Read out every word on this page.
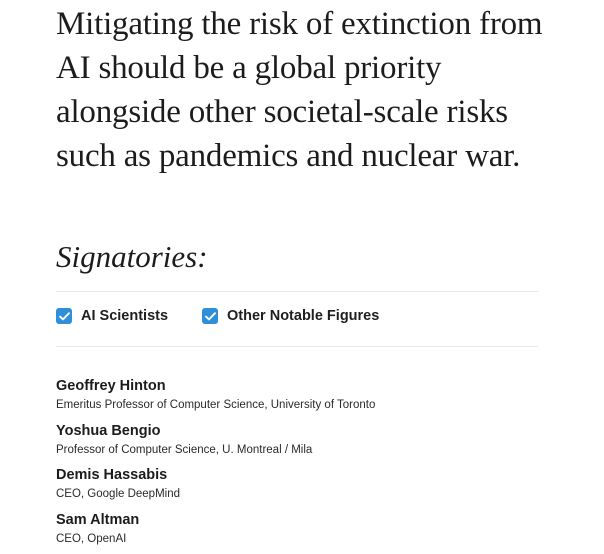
Mitigating the risk of extinction from
AI should be a global priority
alongside other societal-scale risks
such as pandemics and nuclear war.
Signatories:
AI Scientists	Other Notable Figures
Geoffrey Hinton
Emeritus Professor of Computer Science, University of Toronto
Yoshua Bengio
Professor of Computer Science, U. Montreal / Mila
Demis Hassabis
CEO, Google DeepMind
Sam Altman
CEO, OpenAI
